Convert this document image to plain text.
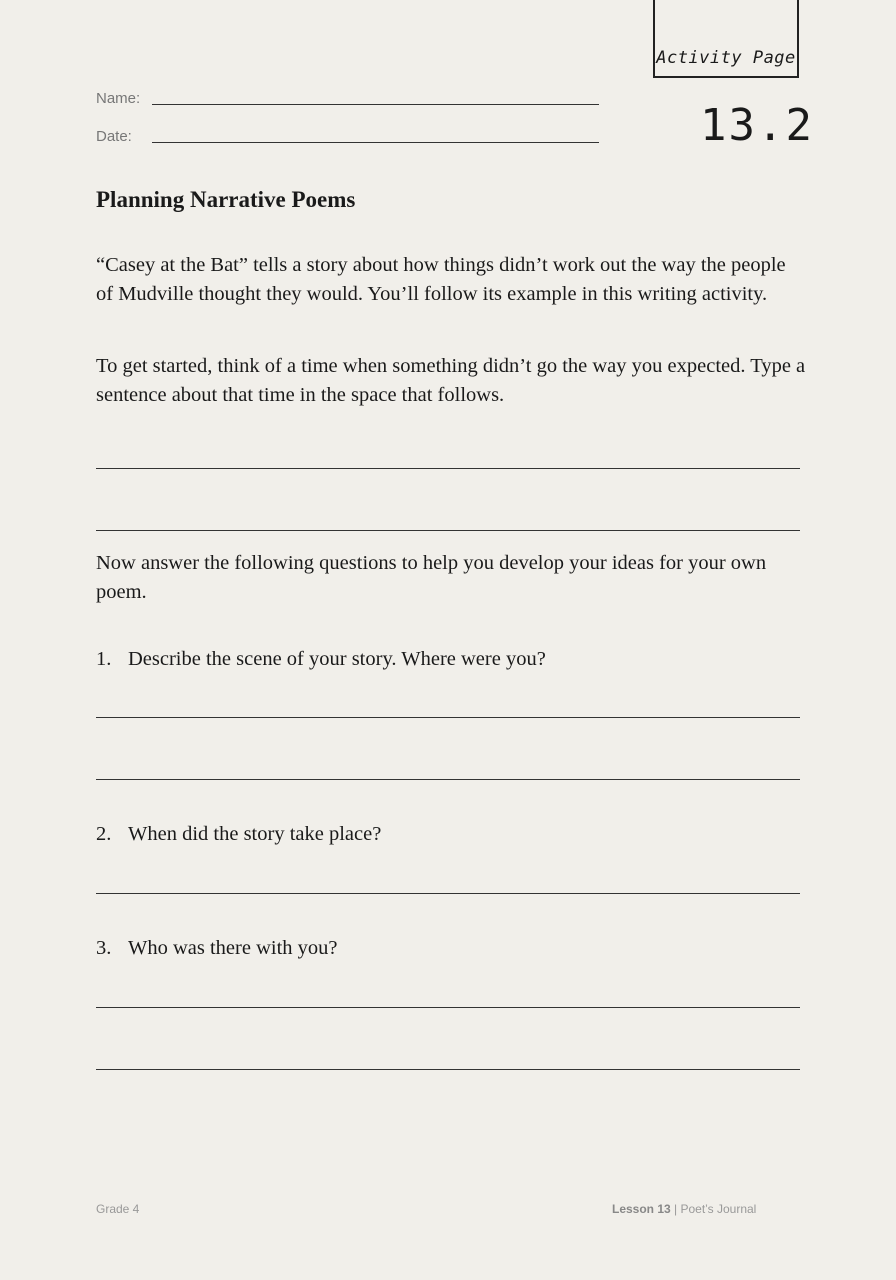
Activity Page
13.2
Name:
Date:
Planning Narrative Poems

“Casey at the Bat” tells a story about how things didn’t work out the way the people of Mudville thought they would. You’ll follow its example in this writing activity.

To get started, think of a time when something didn’t go the way you expected. Type a sentence about that time in the space that follows.

Now answer the following questions to help you develop your ideas for your own poem.

1. Describe the scene of your story. Where were you?

2. When did the story take place?

3. Who was there with you?

Grade 4	Lesson 13 | Poet’s Journal
